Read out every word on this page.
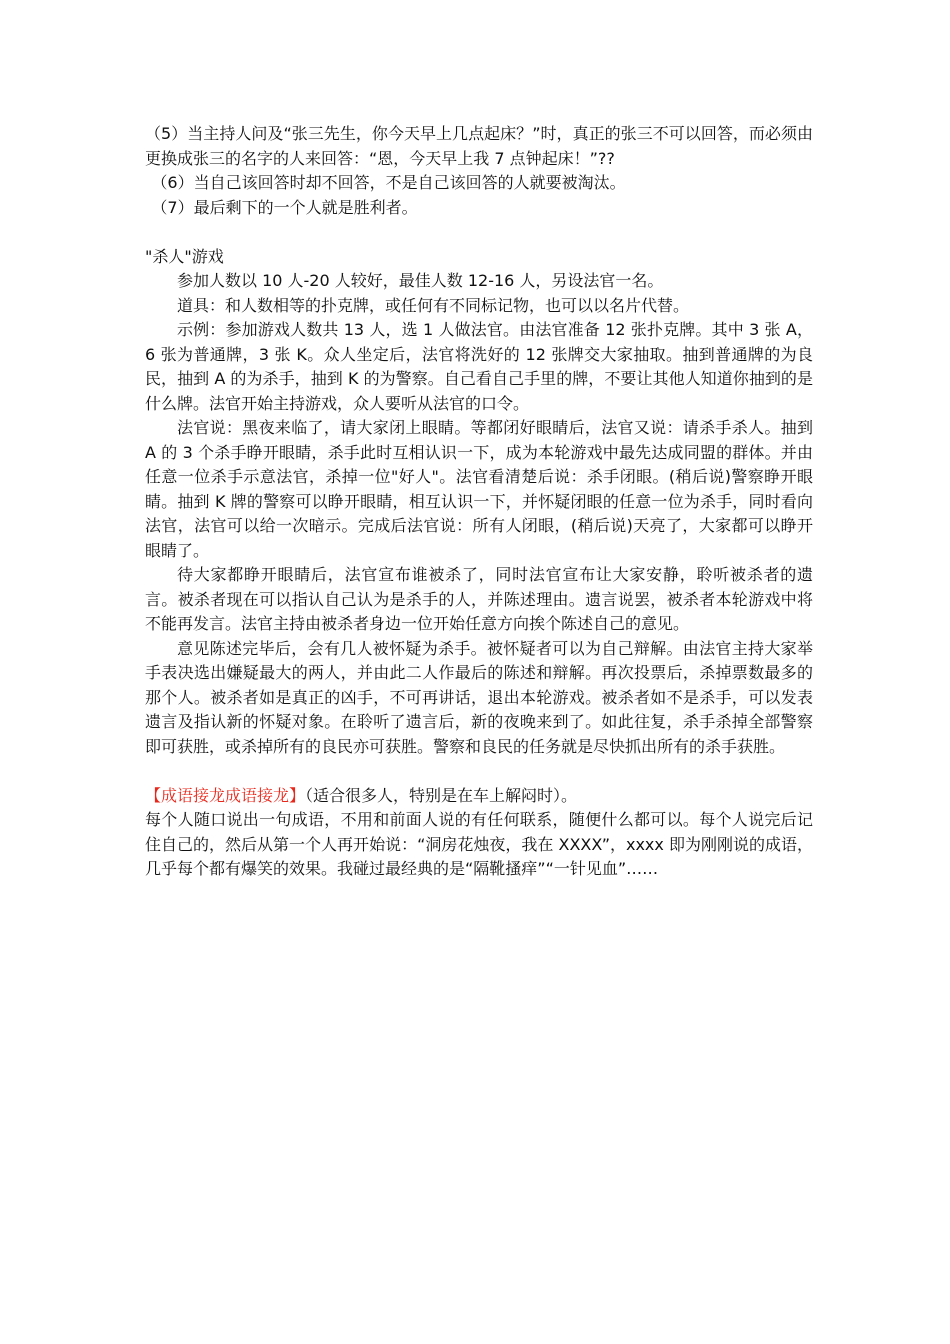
（5）当主持人问及“张三先生，你今天早上几点起床？”时，真正的张三不可以回答，而必须由更换成张三的名字的人来回答：“恩，今天早上我 7 点钟起床！”??

（6）当自己该回答时却不回答，不是自己该回答的人就要被淘汰。

（7）最后剩下的一个人就是胜利者。

"杀人"游戏

参加人数以 10 人-20 人较好，最佳人数 12-16 人，另设法官一名。

道具：和人数相等的扑克牌，或任何有不同标记物，也可以以名片代替。

示例：参加游戏人数共 13 人，选 1 人做法官。由法官准备 12 张扑克牌。其中 3 张 A，6 张为普通牌，3 张 K。众人坐定后，法官将洗好的 12 张牌交大家抽取。抽到普通牌的为良民，抽到 A 的为杀手，抽到 K 的为警察。自己看自己手里的牌，不要让其他人知道你抽到的是什么牌。法官开始主持游戏，众人要听从法官的口令。

法官说：黑夜来临了，请大家闭上眼睛。等都闭好眼睛后，法官又说：请杀手杀人。抽到 A 的 3 个杀手睁开眼睛，杀手此时互相认识一下，成为本轮游戏中最先达成同盟的群体。并由任意一位杀手示意法官，杀掉一位"好人"。法官看清楚后说：杀手闭眼。(稍后说)警察睁开眼睛。抽到 K 牌的警察可以睁开眼睛，相互认识一下，并怀疑闭眼的任意一位为杀手，同时看向法官，法官可以给一次暗示。完成后法官说：所有人闭眼，(稍后说)天亮了，大家都可以睁开眼睛了。

待大家都睁开眼睛后，法官宣布谁被杀了，同时法官宣布让大家安静，聆听被杀者的遗言。被杀者现在可以指认自己认为是杀手的人，并陈述理由。遗言说罢，被杀者本轮游戏中将不能再发言。法官主持由被杀者身边一位开始任意方向挨个陈述自己的意见。

意见陈述完毕后，会有几人被怀疑为杀手。被怀疑者可以为自己辩解。由法官主持大家举手表决选出嫌疑最大的两人，并由此二人作最后的陈述和辩解。再次投票后，杀掉票数最多的那个人。被杀者如是真正的凶手，不可再讲话，退出本轮游戏。被杀者如不是杀手，可以发表遗言及指认新的怀疑对象。在聆听了遗言后，新的夜晚来到了。如此往复，杀手杀掉全部警察即可获胜，或杀掉所有的良民亦可获胜。警察和良民的任务就是尽快抓出所有的杀手获胜。

【成语接龙成语接龙】（适合很多人，特别是在车上解闷时）。

每个人随口说出一句成语，不用和前面人说的有任何联系，随便什么都可以。每个人说完后记住自己的，然后从第一个人再开始说：“洞房花烛夜，我在 XXXX”，xxxx 即为刚刚说的成语，几乎每个都有爆笑的效果。我碰过最经典的是“隔靴搔痒”“一针见血”……
